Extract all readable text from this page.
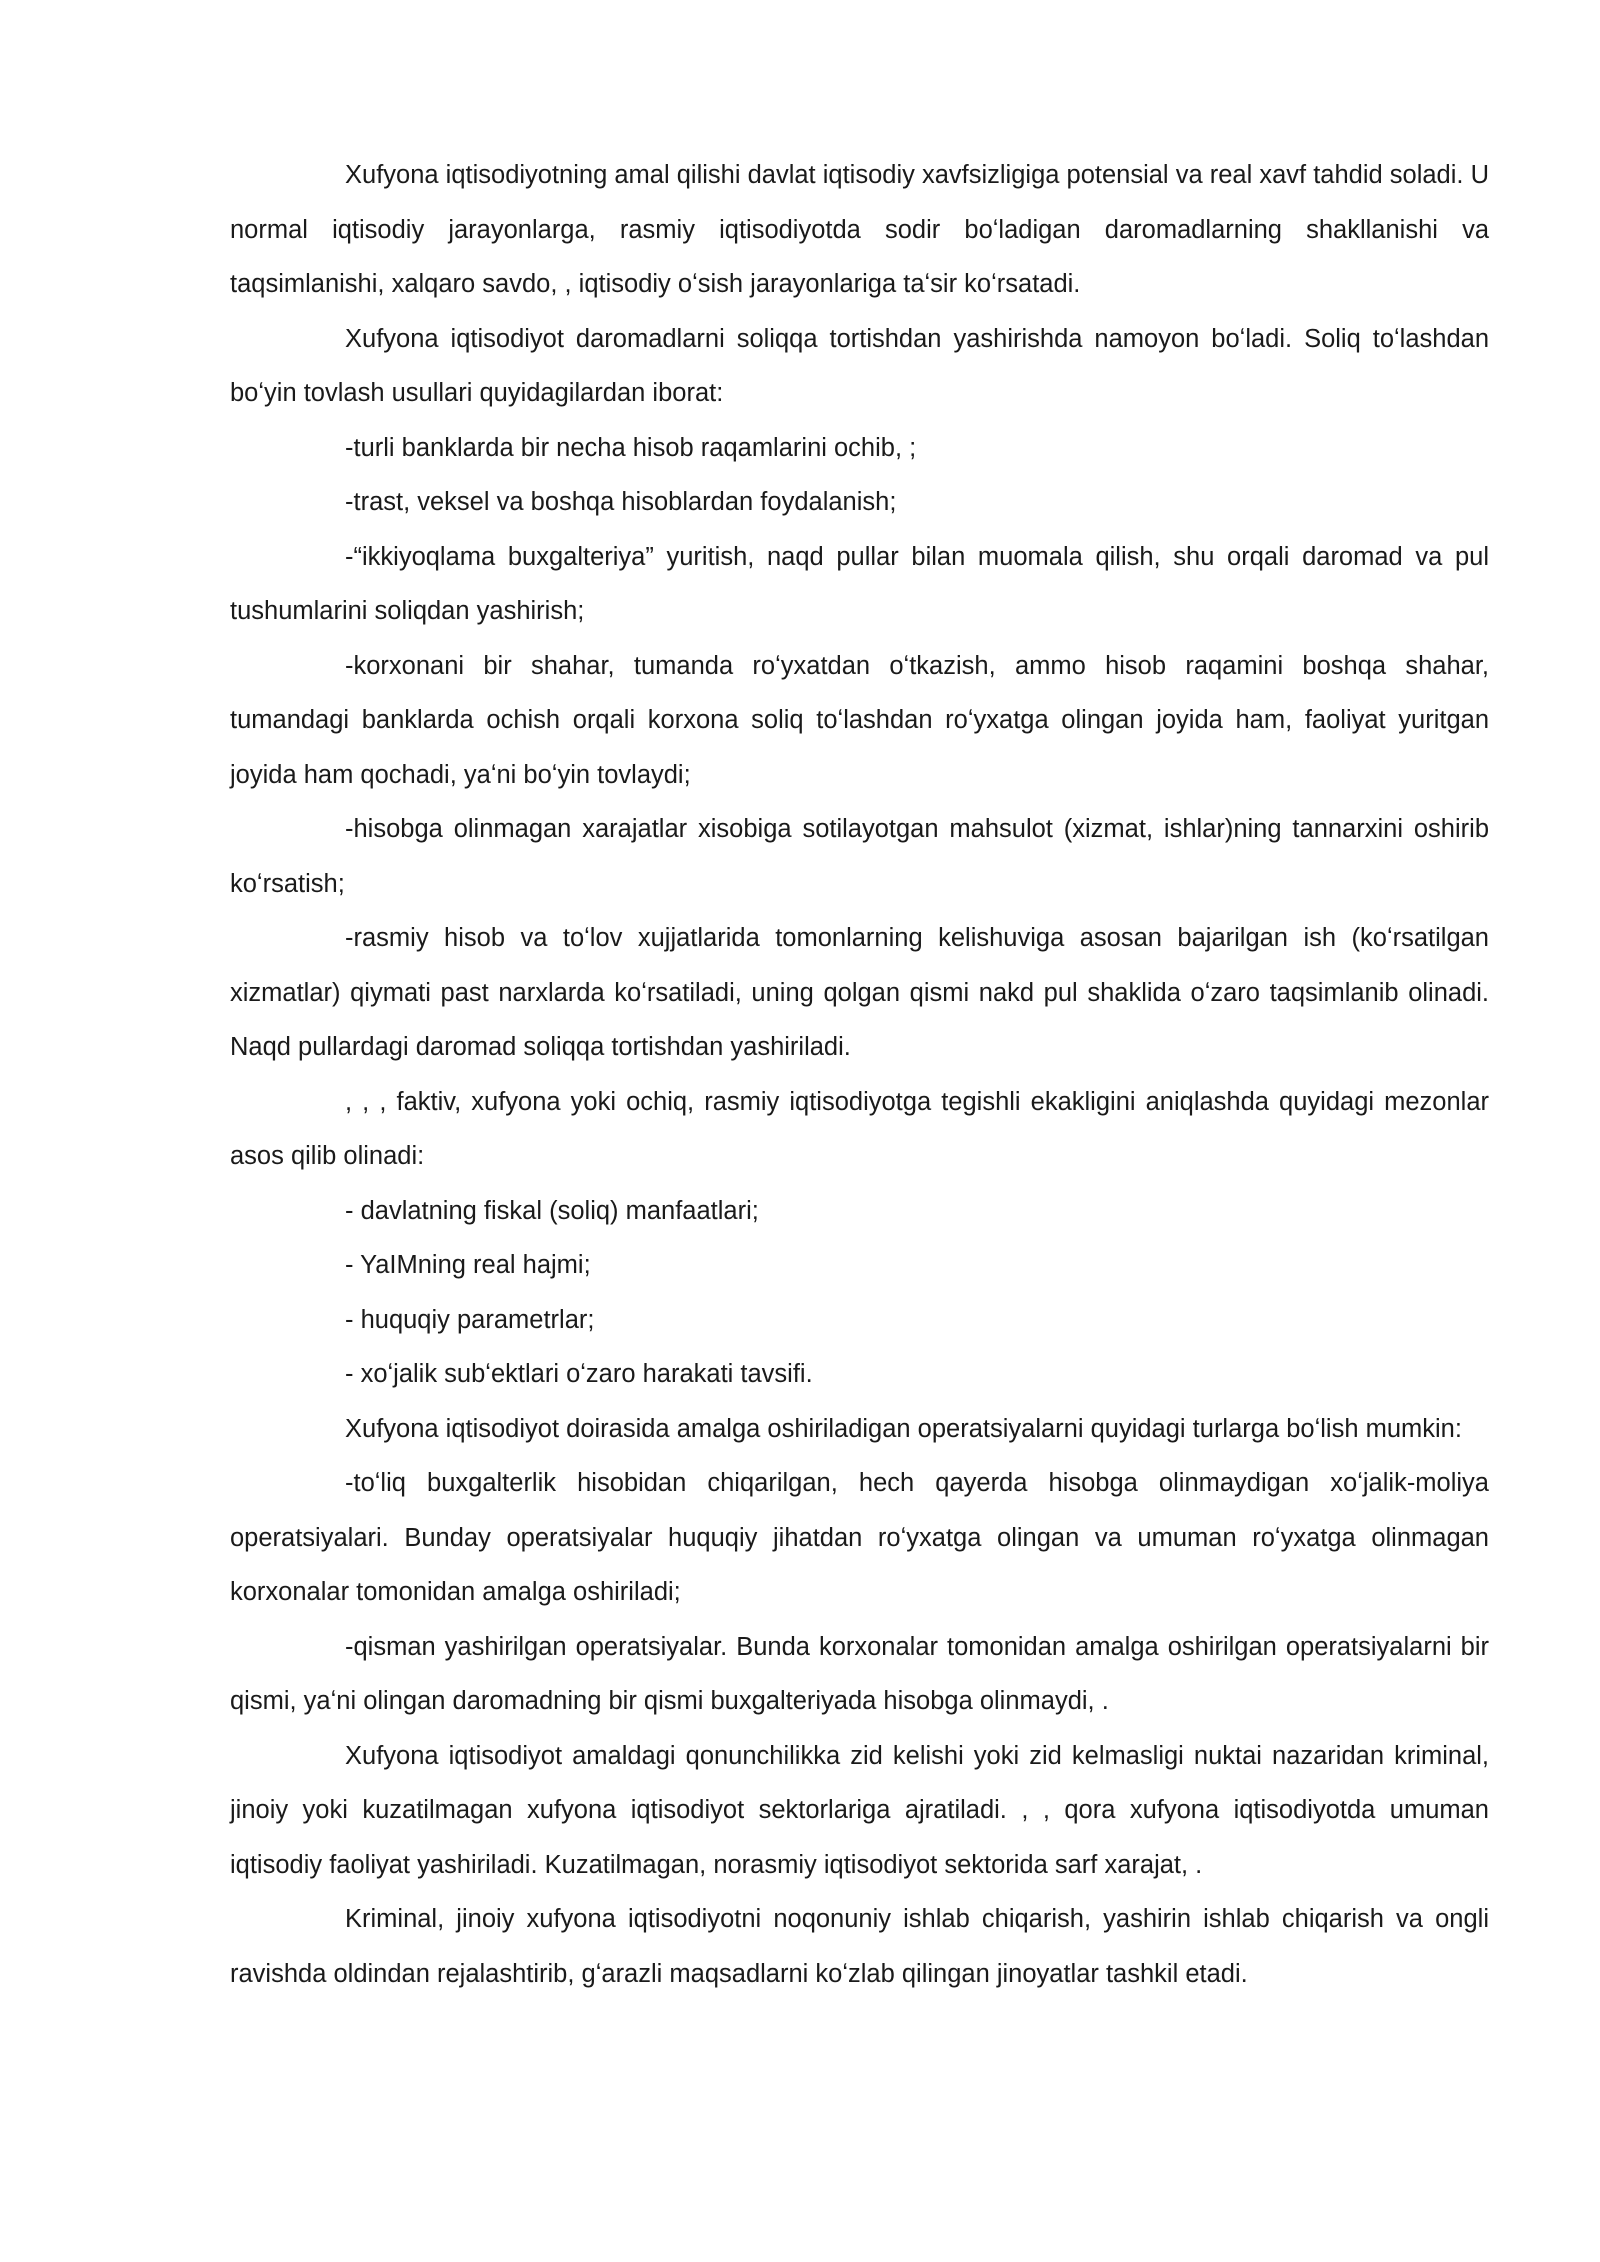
Xufyona iqtisodiyotning amal qilishi davlat iqtisodiy xavfsizligiga potensial va real xavf tahdid soladi. U normal iqtisodiy jarayonlarga, rasmiy iqtisodiyotda sodir boʻladigan daromadlarning shakllanishi va taqsimlanishi, xalqaro savdo, , iqtisodiy oʻsish jarayonlariga taʻsir koʻrsatadi.

Xufyona iqtisodiyot daromadlarni soliqqa tortishdan yashirishda namoyon boʻladi. Soliq toʻlashdan boʻyin tovlash usullari quyidagilardan iborat:

-turli banklarda bir necha hisob raqamlarini ochib, ;

-trast, veksel va boshqa hisoblardan foydalanish;

-“ikkiyoqlama buxgalteriya” yuritish, naqd pullar bilan muomala qilish, shu orqali daromad va pul tushumlarini soliqdan yashirish;

-korxonani bir shahar, tumanda roʻyxatdan oʻtkazish, ammo hisob raqamini boshqa shahar, tumandagi banklarda ochish orqali korxona soliq toʻlashdan roʻyxatga olingan joyida ham, faoliyat yuritgan joyida ham qochadi, yaʻni boʻyin tovlaydi;

-hisobga olinmagan xarajatlar xisobiga sotilayotgan mahsulot (xizmat, ishlar)ning tannarxini oshirib koʻrsatish;

-rasmiy hisob va toʻlov xujjatlarida tomonlarning kelishuviga asosan bajarilgan ish (koʻrsatilgan xizmatlar) qiymati past narxlarda koʻrsatiladi, uning qolgan qismi nakd pul shaklida oʻzaro taqsimlanib olinadi. Naqd pullardagi daromad soliqqa tortishdan yashiriladi.

, , , faktiv, xufyona yoki ochiq, rasmiy iqtisodiyotga tegishli ekakligini aniqlashda quyidagi mezonlar asos qilib olinadi:

- davlatning fiskal (soliq) manfaatlari;

- YaIMning real hajmi;

- huquqiy parametrlar;

- xoʻjalik subʻektlari oʻzaro harakati tavsifi.

Xufyona iqtisodiyot doirasida amalga oshiriladigan operatsiyalarni quyidagi turlarga boʻlish mumkin:

-toʻliq buxgalterlik hisobidan chiqarilgan, hech qayerda hisobga olinmaydigan xoʻjalik-moliya operatsiyalari. Bunday operatsiyalar huquqiy jihatdan roʻyxatga olingan va umuman roʻyxatga olinmagan korxonalar tomonidan amalga oshiriladi;

-qisman yashirilgan operatsiyalar. Bunda korxonalar tomonidan amalga oshirilgan operatsiyalarni bir qismi, yaʻni olingan daromadning bir qismi buxgalteriyada hisobga olinmaydi, .

Xufyona iqtisodiyot amaldagi qonunchilikka zid kelishi yoki zid kelmasligi nuktai nazaridan kriminal, jinoiy yoki kuzatilmagan xufyona iqtisodiyot sektorlariga ajratiladi. , , qora xufyona iqtisodiyotda umuman iqtisodiy faoliyat yashiriladi. Kuzatilmagan, norasmiy iqtisodiyot sektorida sarf xarajat, .

Kriminal, jinoiy xufyona iqtisodiyotni noqonuniy ishlab chiqarish, yashirin ishlab chiqarish va ongli ravishda oldindan rejalashtirib, gʻarazli maqsadlarni koʻzlab qilingan jinoyatlar tashkil etadi.
